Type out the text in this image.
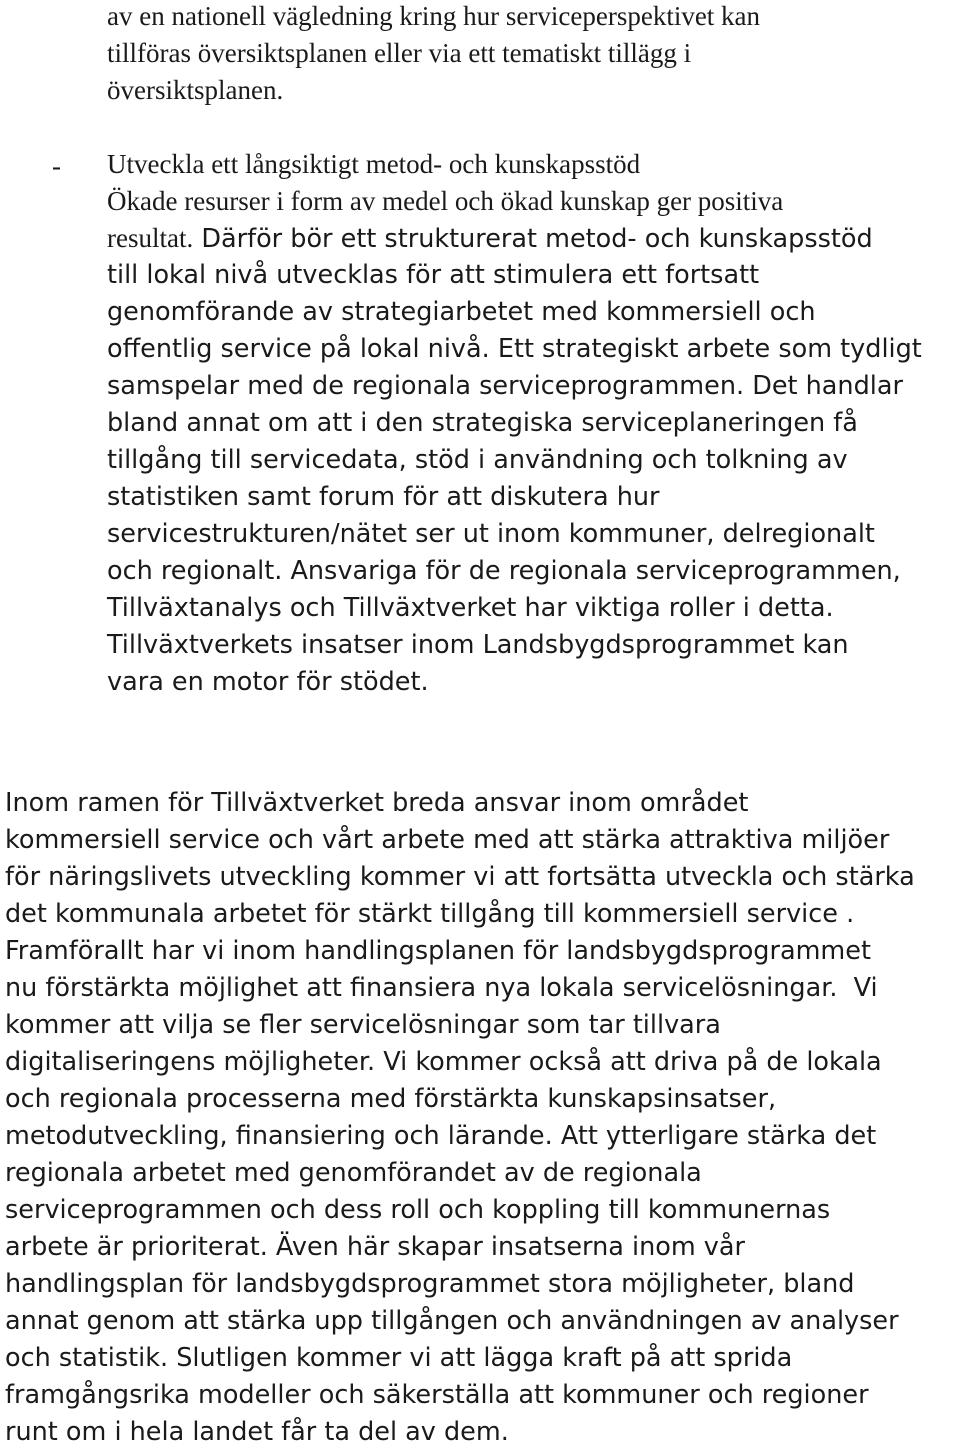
av en nationell vägledning kring hur serviceperspektivet kan
tillföras översiktsplanen eller via ett tematiskt tillägg i
översiktsplanen.
Utveckla ett långsiktigt metod- och kunskapsstöd
Ökade resurser i form av medel och ökad kunskap ger positiva
resultat. Därför bör ett strukturerat metod- och kunskapsstöd
till lokal nivå utvecklas för att stimulera ett fortsatt
genomförande av strategiarbetet med kommersiell och
offentlig service på lokal nivå. Ett strategiskt arbete som tydligt
samspelar med de regionala serviceprogrammen. Det handlar
bland annat om att i den strategiska serviceplaneringen få
tillgång till servicedata, stöd i användning och tolkning av
statistiken samt forum för att diskutera hur
servicestrukturen/nätet ser ut inom kommuner, delregionalt
och regionalt. Ansvariga för de regionala serviceprogrammen,
Tillväxtanalys och Tillväxtverket har viktiga roller i detta.
Tillväxtverkets insatser inom Landsbygdsprogrammet kan
vara en motor för stödet.
-
Inom ramen för Tillväxtverket breda ansvar inom området
kommersiell service och vårt arbete med att stärka attraktiva miljöer
för näringslivets utveckling kommer vi att fortsätta utveckla och stärka
det kommunala arbetet för stärkt tillgång till kommersiell service .
Framförallt har vi inom handlingsplanen för landsbygdsprogrammet
nu förstärkta möjlighet att finansiera nya lokala servicelösningar.  Vi
kommer att vilja se fler servicelösningar som tar tillvara
digitaliseringens möjligheter. Vi kommer också att driva på de lokala
och regionala processerna med förstärkta kunskapsinsatser,
metodutveckling, finansiering och lärande. Att ytterligare stärka det
regionala arbetet med genomförandet av de regionala
serviceprogrammen och dess roll och koppling till kommunernas
arbete är prioriterat. Även här skapar insatserna inom vår
handlingsplan för landsbygdsprogrammet stora möjligheter, bland
annat genom att stärka upp tillgången och användningen av analyser
och statistik. Slutligen kommer vi att lägga kraft på att sprida
framgångsrika modeller och säkerställa att kommuner och regioner
runt om i hela landet får ta del av dem.
